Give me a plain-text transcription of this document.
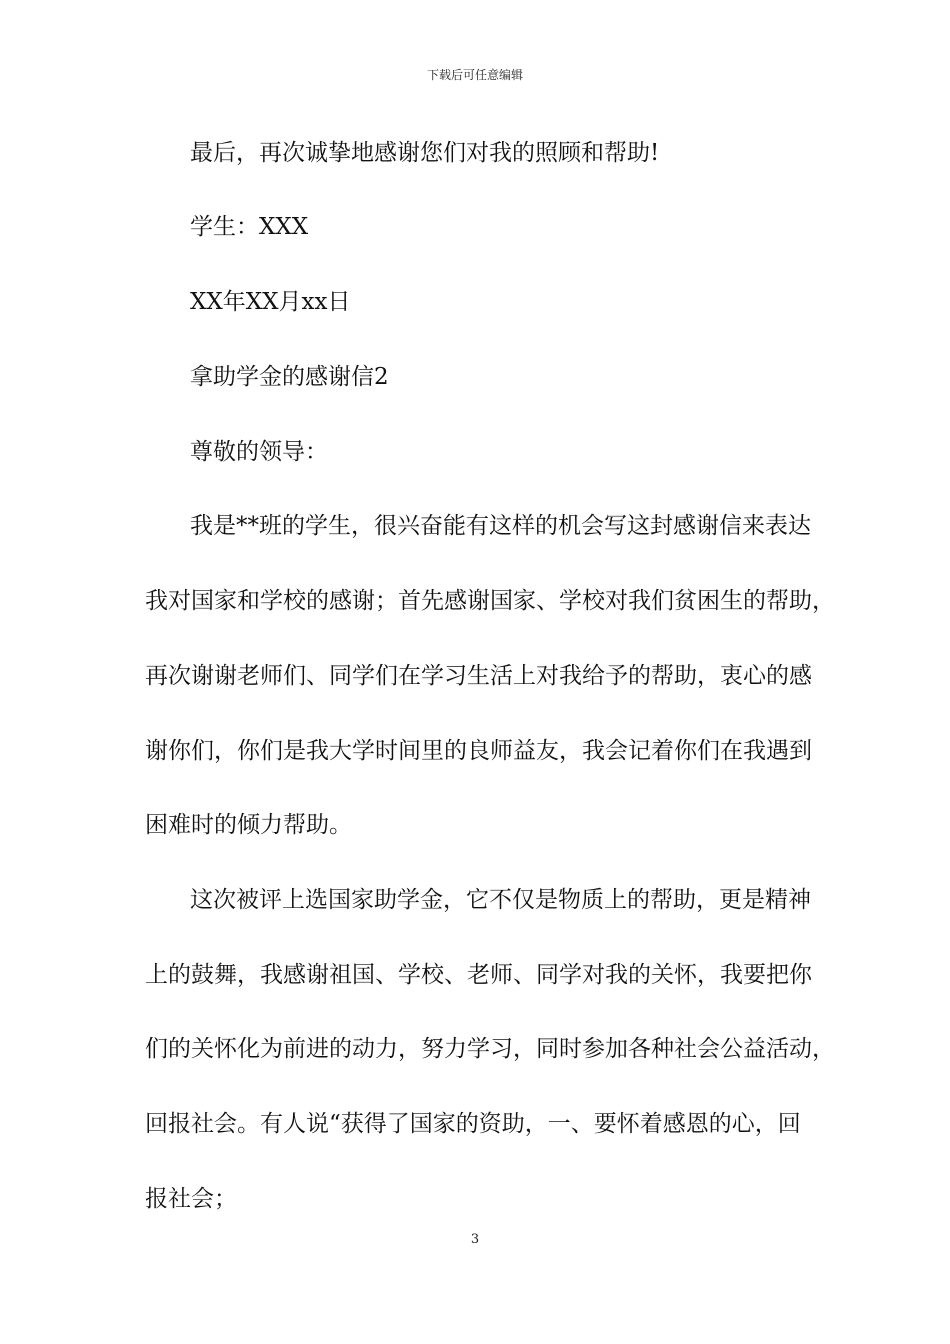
下载后可任意编辑
最后，再次诚挚地感谢您们对我的照顾和帮助!
学生：XXX
XX年XX月xx日
拿助学金的感谢信2
尊敬的领导：
我是**班的学生，很兴奋能有这样的机会写这封感谢信来表达
我对国家和学校的感谢；首先感谢国家、学校对我们贫困生的帮助，
再次谢谢老师们、同学们在学习生活上对我给予的帮助，衷心的感
谢你们，你们是我大学时间里的良师益友，我会记着你们在我遇到
困难时的倾力帮助。
这次被评上选国家助学金，它不仅是物质上的帮助，更是精神
上的鼓舞，我感谢祖国、学校、老师、同学对我的关怀，我要把你
们的关怀化为前进的动力，努力学习，同时参加各种社会公益活动，
回报社会。有人说“获得了国家的资助，一、要怀着感恩的心，回
报社会；
3
